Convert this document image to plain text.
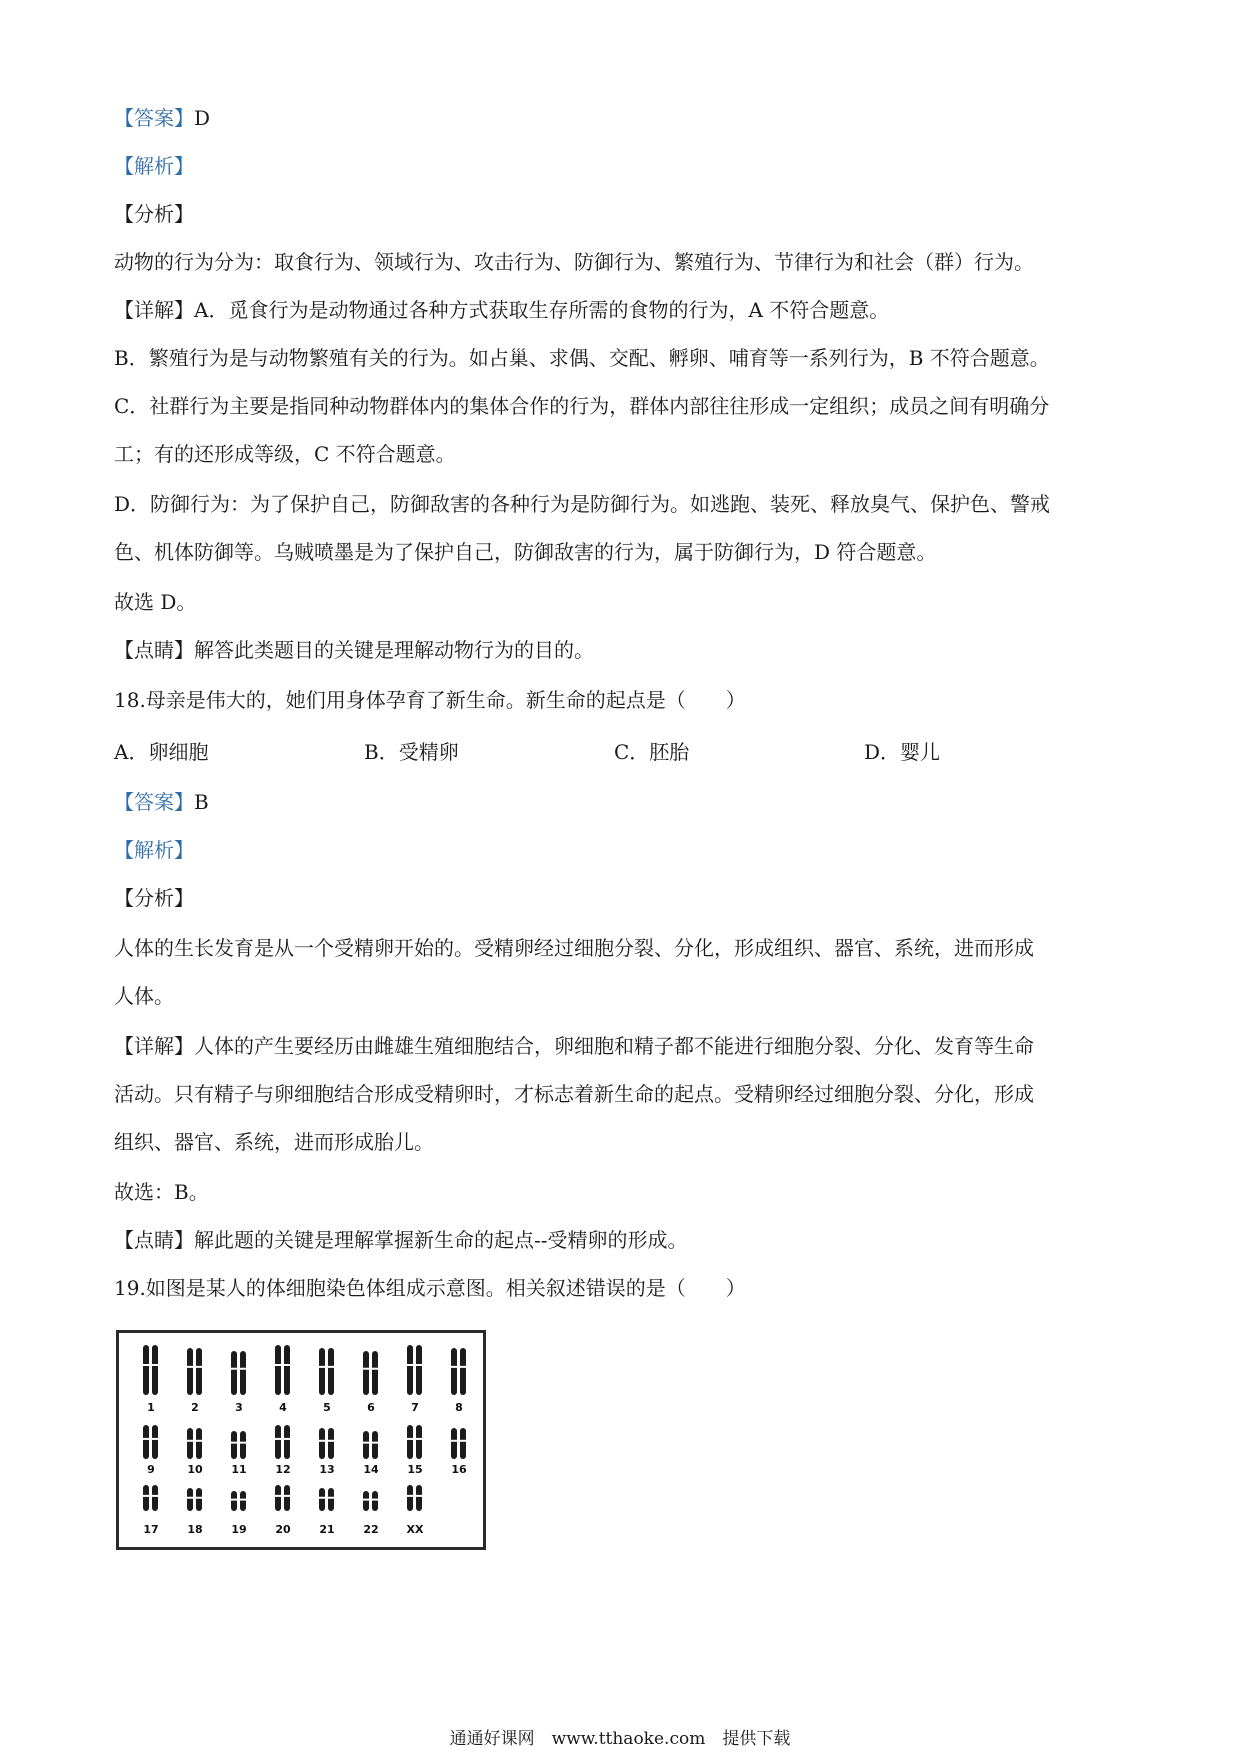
【答案】D
【解析】
【分析】
动物的行为分为：取食行为、领域行为、攻击行为、防御行为、繁殖行为、节律行为和社会（群）行为。
【详解】A．觅食行为是动物通过各种方式获取生存所需的食物的行为，A 不符合题意。
B．繁殖行为是与动物繁殖有关的行为。如占巢、求偶、交配、孵卵、哺育等一系列行为，B 不符合题意。
C．社群行为主要是指同种动物群体内的集体合作的行为，群体内部往往形成一定组织；成员之间有明确分
工；有的还形成等级，C 不符合题意。
D．防御行为：为了保护自己，防御敌害的各种行为是防御行为。如逃跑、装死、释放臭气、保护色、警戒
色、机体防御等。乌贼喷墨是为了保护自己，防御敌害的行为，属于防御行为，D 符合题意。
故选 D。
【点睛】解答此类题目的关键是理解动物行为的目的。
18.母亲是伟大的，她们用身体孕育了新生命。新生命的起点是（　　）
A．卵细胞	B．受精卵	C．胚胎	D．婴儿
【答案】B
【解析】
【分析】
人体的生长发育是从一个受精卵开始的。受精卵经过细胞分裂、分化，形成组织、器官、系统，进而形成
人体。
【详解】人体的产生要经历由雌雄生殖细胞结合，卵细胞和精子都不能进行细胞分裂、分化、发育等生命
活动。只有精子与卵细胞结合形成受精卵时，才标志着新生命的起点。受精卵经过细胞分裂、分化，形成
组织、器官、系统，进而形成胎儿。
故选：B。
【点睛】解此题的关键是理解掌握新生命的起点--受精卵的形成。
19.如图是某人的体细胞染色体组成示意图。相关叙述错误的是（　　）
1	2	3	4	5	6	7	8
9	10	11	12	13	14	15	16
17	18	19	20	21	22	XX
通通好课网　www.tthaoke.com　提供下载
